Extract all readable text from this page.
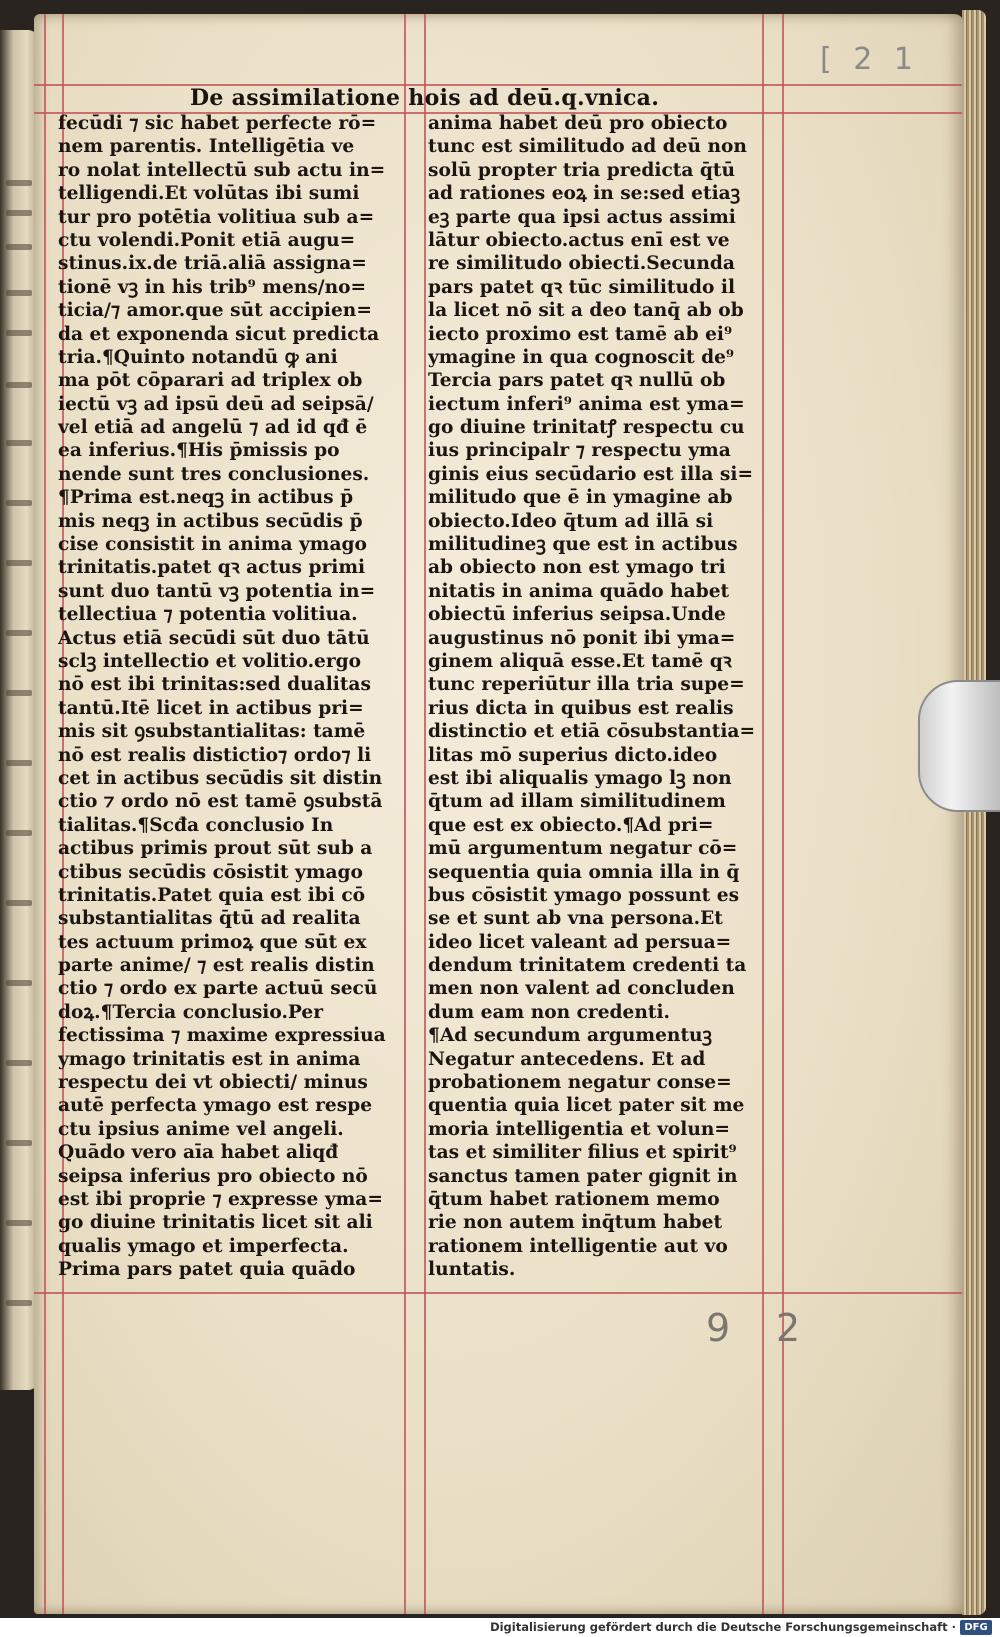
De assimilatione hois ad deū.q.vnica.
[ 2 1
fecūdi ⁊ sic habet perfecte rō=
nem parentis. Intelligētia ve
ro nolat intellectū sub actu in=
telligendi.Et volūtas ibi sumi
tur pro potētia volitiua sub a=
ctu volendi.Ponit etiā augu=
stinus.ix.de triā.aliā assigna=
tionē vꝫ in his trib⁹ mens/no=
ticia/⁊ amor.que sūt accipien=
da et exponenda sicut predicta
tria.¶Quinto notandū ꝙ ani
ma pōt cōparari ad triplex ob
iectū vꝫ ad ipsū deū ad seipsā/
vel etiā ad angelū ⁊ ad id qđ ē
ea inferius.¶His p̄missis po
nende sunt tres conclusiones.
¶Prima est.neqꝫ in actibus p̄
mis neqꝫ in actibus secūdis p̄
cise consistit in anima ymago
trinitatis.patet qꝛ actus primi
sunt duo tantū vꝫ potentia in=
tellectiua ⁊ potentia volitiua.
Actus etiā secūdi sūt duo tātū
sclꝫ intellectio et volitio.ergo
nō est ibi trinitas:sed dualitas
tantū.Itē licet in actibus pri=
mis sit ꝯsubstantialitas: tamē
nō est realis distictio⁊ ordo⁊ li
cet in actibus secūdis sit distin
ctio ⁊ ordo nō est tamē ꝯsubstā
tialitas.¶Scđa conclusio In
actibus primis prout sūt sub a
ctibus secūdis cōsistit ymago
trinitatis.Patet quia est ibi cō
substantialitas q̄tū ad realita
tes actuum primoꝝ que sūt ex
parte anime/ ⁊ est realis distin
ctio ⁊ ordo ex parte actuū secū
doꝝ.¶Tercia conclusio.Per
fectissima ⁊ maxime expressiua
ymago trinitatis est in anima
respectu dei vt obiecti/ minus
autē perfecta ymago est respe
ctu ipsius anime vel angeli.
Quādo vero aīa habet aliqđ
seipsa inferius pro obiecto nō
est ibi proprie ⁊ expresse yma=
go diuine trinitatis licet sit ali
qualis ymago et imperfecta.
Prima pars patet quia quādo
anima habet deū pro obiecto
tunc est similitudo ad deū non
solū propter tria predicta q̄tū
ad rationes eoꝝ in se:sed etiaꝫ
eꝫ parte qua ipsi actus assimi
lātur obiecto.actus enī est ve
re similitudo obiecti.Secunda
pars patet qꝛ tūc similitudo il
la licet nō sit a deo tanq̄ ab ob
iecto proximo est tamē ab ei⁹
ymagine in qua cognoscit de⁹
Tercia pars patet qꝛ nullū ob
iectum inferi⁹ anima est yma=
go diuine trinitatꝭ respectu cu
ius principalr ⁊ respectu yma
ginis eius secūdario est illa si=
militudo que ē in ymagine ab
obiecto.Ideo q̄tum ad illā si
militudineꝫ que est in actibus
ab obiecto non est ymago tri
nitatis in anima quādo habet
obiectū inferius seipsa.Unde
augustinus nō ponit ibi yma=
ginem aliquā esse.Et tamē qꝛ
tunc reperiūtur illa tria supe=
rius dicta in quibus est realis
distinctio et etiā cōsubstantia=
litas mō superius dicto.ideo
est ibi aliqualis ymago lꝫ non
q̄tum ad illam similitudinem
que est ex obiecto.¶Ad pri=
mū argumentum negatur cō=
sequentia quia omnia illa in q̄
bus cōsistit ymago possunt es
se et sunt ab vna persona.Et
ideo licet valeant ad persua=
dendum trinitatem credenti ta
men non valent ad concluden
dum eam non credenti.
¶Ad secundum argumentuꝫ
Negatur antecedens. Et ad
probationem negatur conse=
quentia quia licet pater sit me
moria intelligentia et volun=
tas et similiter filius et spirit⁹
sanctus tamen pater gignit in
q̄tum habet rationem memo
rie non autem inq̄tum habet
rationem intelligentie aut vo
luntatis.
9 2
Digitalisierung gefördert durch die Deutsche Forschungsgemeinschaft · DFG
